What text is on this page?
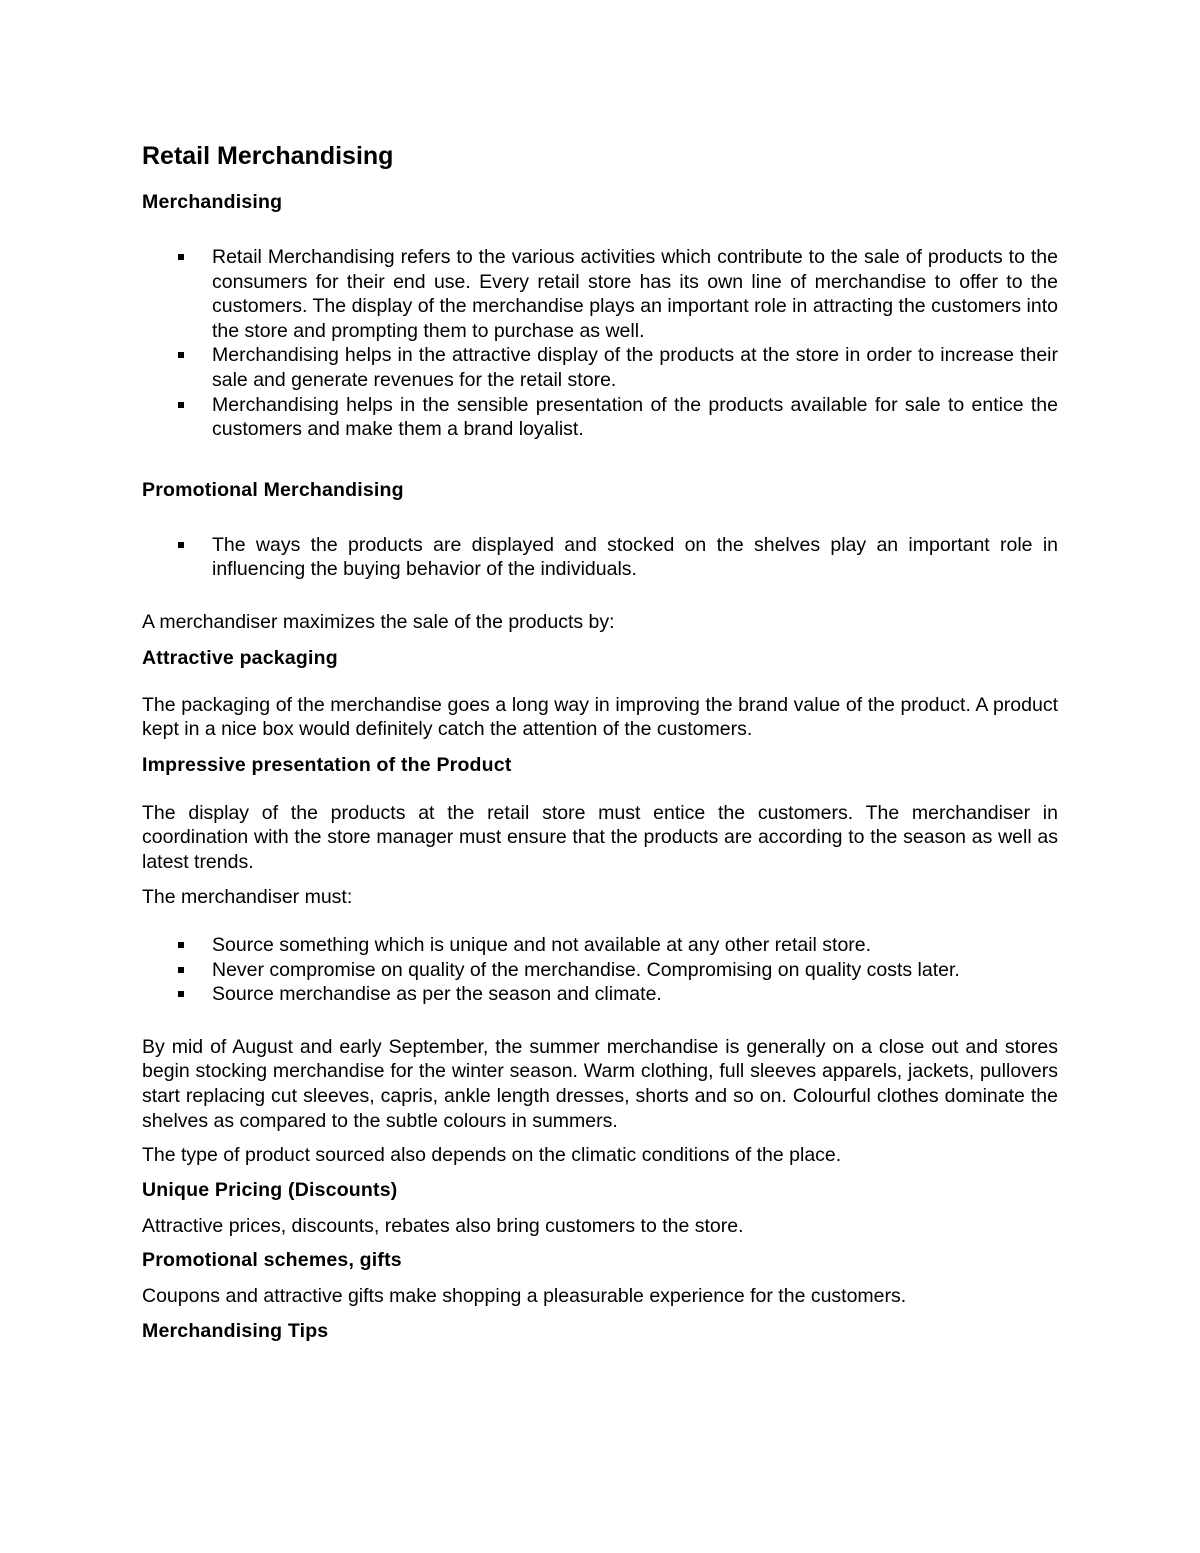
Retail Merchandising
Merchandising
Retail Merchandising refers to the various activities which contribute to the sale of products to the consumers for their end use. Every retail store has its own line of merchandise to offer to the customers. The display of the merchandise plays an important role in attracting the customers into the store and prompting them to purchase as well.
Merchandising helps in the attractive display of the products at the store in order to increase their sale and generate revenues for the retail store.
Merchandising helps in the sensible presentation of the products available for sale to entice the customers and make them a brand loyalist.
Promotional Merchandising
The ways the products are displayed and stocked on the shelves play an important role in influencing the buying behavior of the individuals.

A merchandiser maximizes the sale of the products by:

Attractive packaging

The packaging of the merchandise goes a long way in improving the brand value of the product. A product kept in a nice box would definitely catch the attention of the customers.

Impressive presentation of the Product

The display of the products at the retail store must entice the customers. The merchandiser in coordination with the store manager must ensure that the products are according to the season as well as latest trends.

The merchandiser must:

Source something which is unique and not available at any other retail store.
Never compromise on quality of the merchandise. Compromising on quality costs later.
Source merchandise as per the season and climate.

By mid of August and early September, the summer merchandise is generally on a close out and stores begin stocking merchandise for the winter season. Warm clothing, full sleeves apparels, jackets, pullovers start replacing cut sleeves, capris, ankle length dresses, shorts and so on. Colourful clothes dominate the shelves as compared to the subtle colours in summers.

The type of product sourced also depends on the climatic conditions of the place.

Unique Pricing (Discounts)

Attractive prices, discounts, rebates also bring customers to the store.

Promotional schemes, gifts

Coupons and attractive gifts make shopping a pleasurable experience for the customers.

Merchandising Tips
